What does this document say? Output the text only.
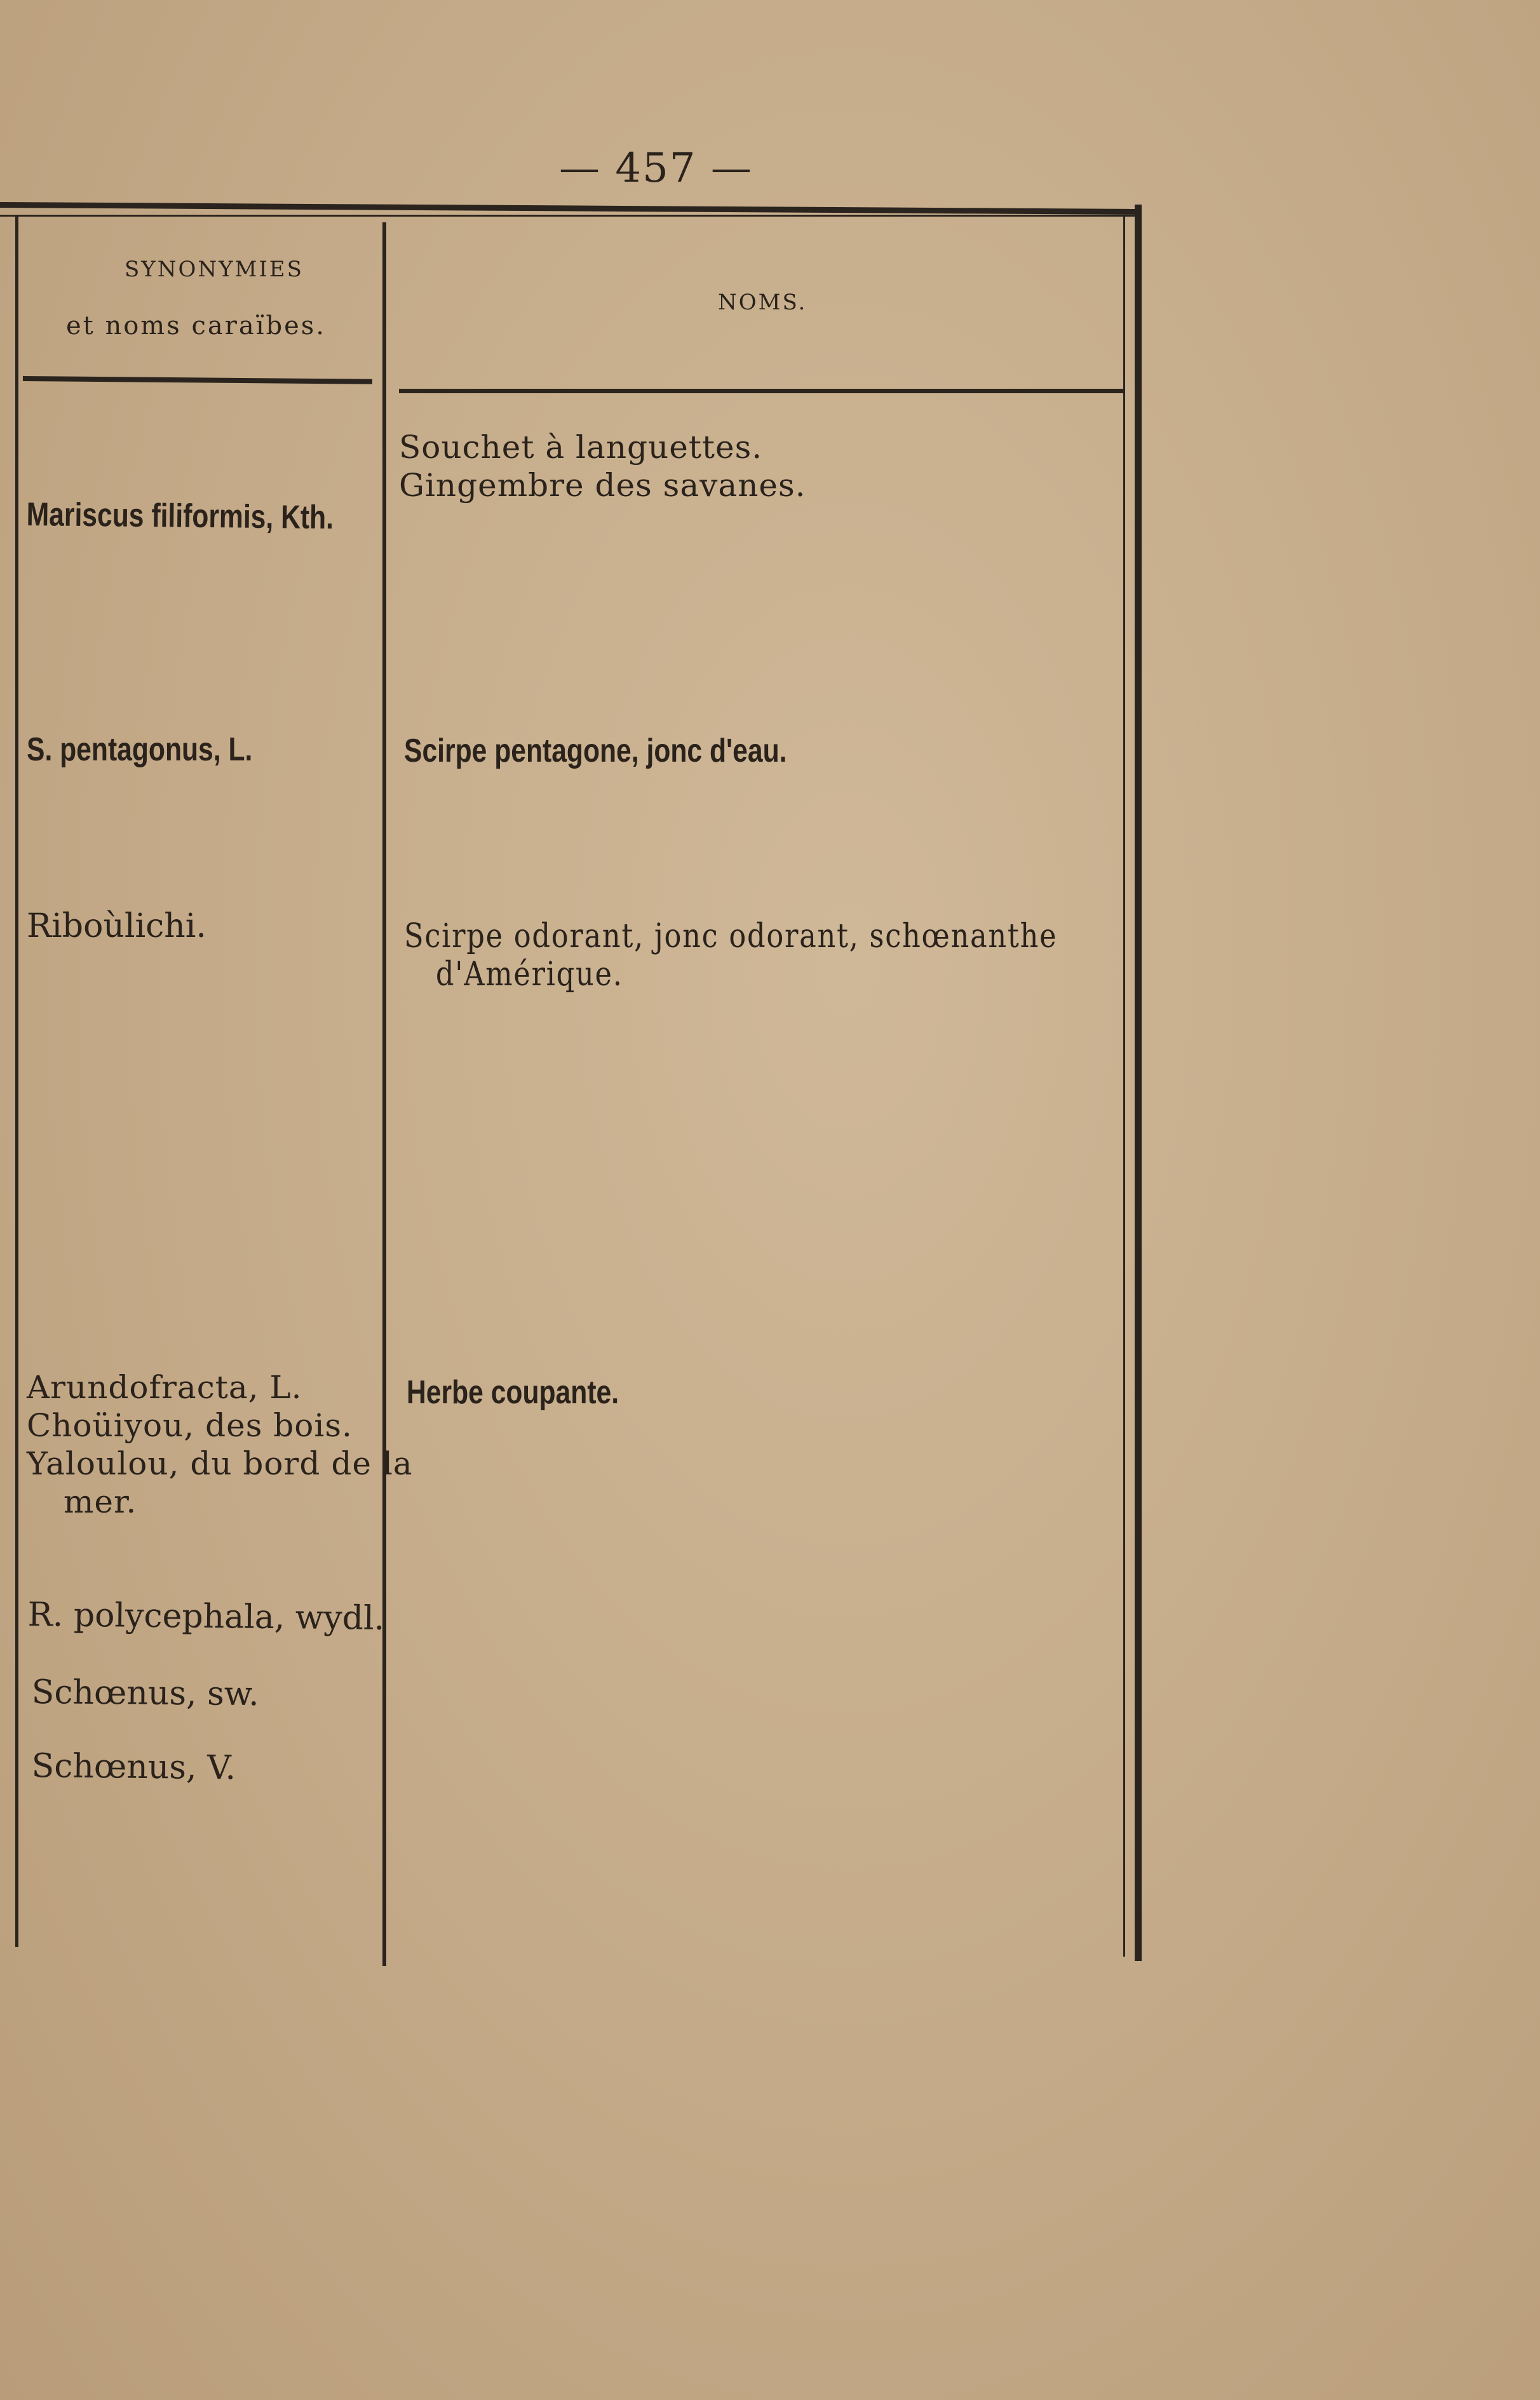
— 457 —
SYNONYMIES
et noms caraïbes.
NOMS.
Mariscus filiformis, Kth.
Souchet à languettes.
Gingembre des savanes.
S. pentagonus, L.	Scirpe pentagone, jonc d'eau.
Riboùlichi.	Scirpe odorant, jonc odorant, schœnanthe
d'Amérique.
Arundofracta, L.
Choüiyou, des bois.
Yaloulou, du bord de la
mer.
Herbe coupante.
R. polycephala, wydl.
Schœnus, sw.
Schœnus, V.
